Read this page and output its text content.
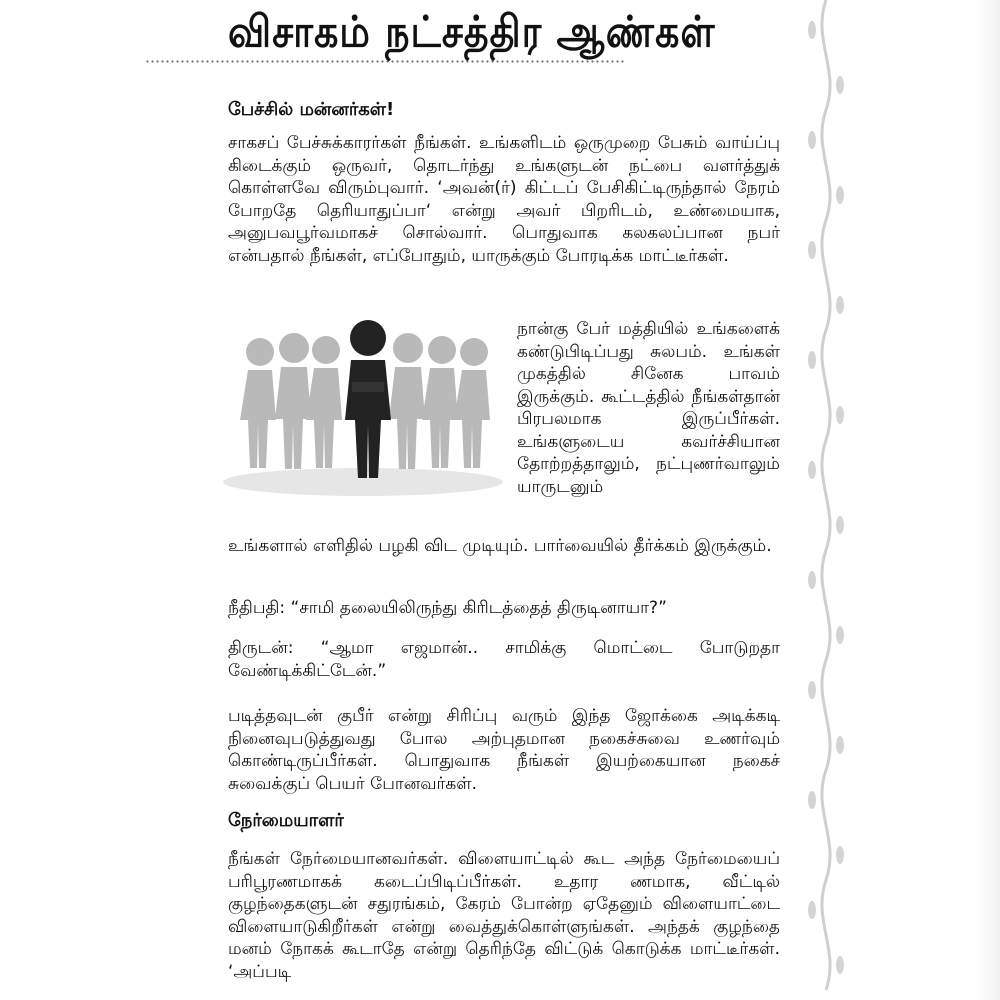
விசாகம் நட்சத்திர ஆண்கள்
பேச்சில் மன்னர்கள்!
சாகசப் பேச்சுக்காரர்கள் நீங்கள். உங்களிடம் ஒருமுறை பேசும் வாய்ப்பு கிடைக்கும் ஒருவர், தொடர்ந்து உங்களுடன் நட்பை வளர்த்துக் கொள்ளவே விரும்புவார். ‘அவன்(ர்) கிட்டப் பேசிகிட்டிருந்தால் நேரம் போறதே தெரியாதுப்பா‘ என்று அவர் பிறரிடம், உண்மையாக, அனுபவபூர்வமாகச் சொல்வார். பொதுவாக கலகலப்பான நபர் என்பதால் நீங்கள், எப்போதும், யாருக்கும் போரடிக்க மாட்டீர்கள்.
நான்கு பேர் மத்தியில் உங்களைக் கண்டுபிடிப்பது சுலபம். உங்கள் முகத்தில் சினேக பாவம் இருக்கும். கூட்டத்தில் நீங்கள்தான் பிரபலமாக இருப்பீர்கள். உங்களுடைய கவர்ச்சியான தோற்றத்தாலும், நட்புணர்வாலும் யாருடனும்
உங்களால் எளிதில் பழகி விட முடியும். பார்வையில் தீர்க்கம் இருக்கும்.
நீதிபதி: “சாமி தலையிலிருந்து கிரிடத்தைத் திருடினாயா?”
திருடன்: “ஆமா எஜமான்.. சாமிக்கு மொட்டை போடுறதா வேண்டிக்கிட்டேன்.”
படித்தவுடன் குபீர் என்று சிரிப்பு வரும் இந்த ஜோக்கை அடிக்கடி நினைவுபடுத்துவது போல அற்புதமான நகைச்சுவை உணர்வும் கொண்டிருப்பீர்கள். பொதுவாக நீங்கள் இயற்கையான நகைச் சுவைக்குப் பெயர் போனவர்கள்.
நேர்மையாளர்
நீங்கள் நேர்மையானவர்கள். விளையாட்டில் கூட அந்த நேர்மையைப் பரிபூரணமாகக் கடைப்பிடிப்பீர்கள். உதார ணமாக, வீட்டில் குழந்தைகளுடன் சதுரங்கம், கேரம் போன்ற ஏதேனும் விளையாட்டை விளையாடுகிறீர்கள் என்று வைத்துக்கொள்ளுங்கள். அந்தக் குழந்தை மனம் நோகக் கூடாதே என்று தெரிந்தே விட்டுக் கொடுக்க மாட்டீர்கள். ‘அப்படி
